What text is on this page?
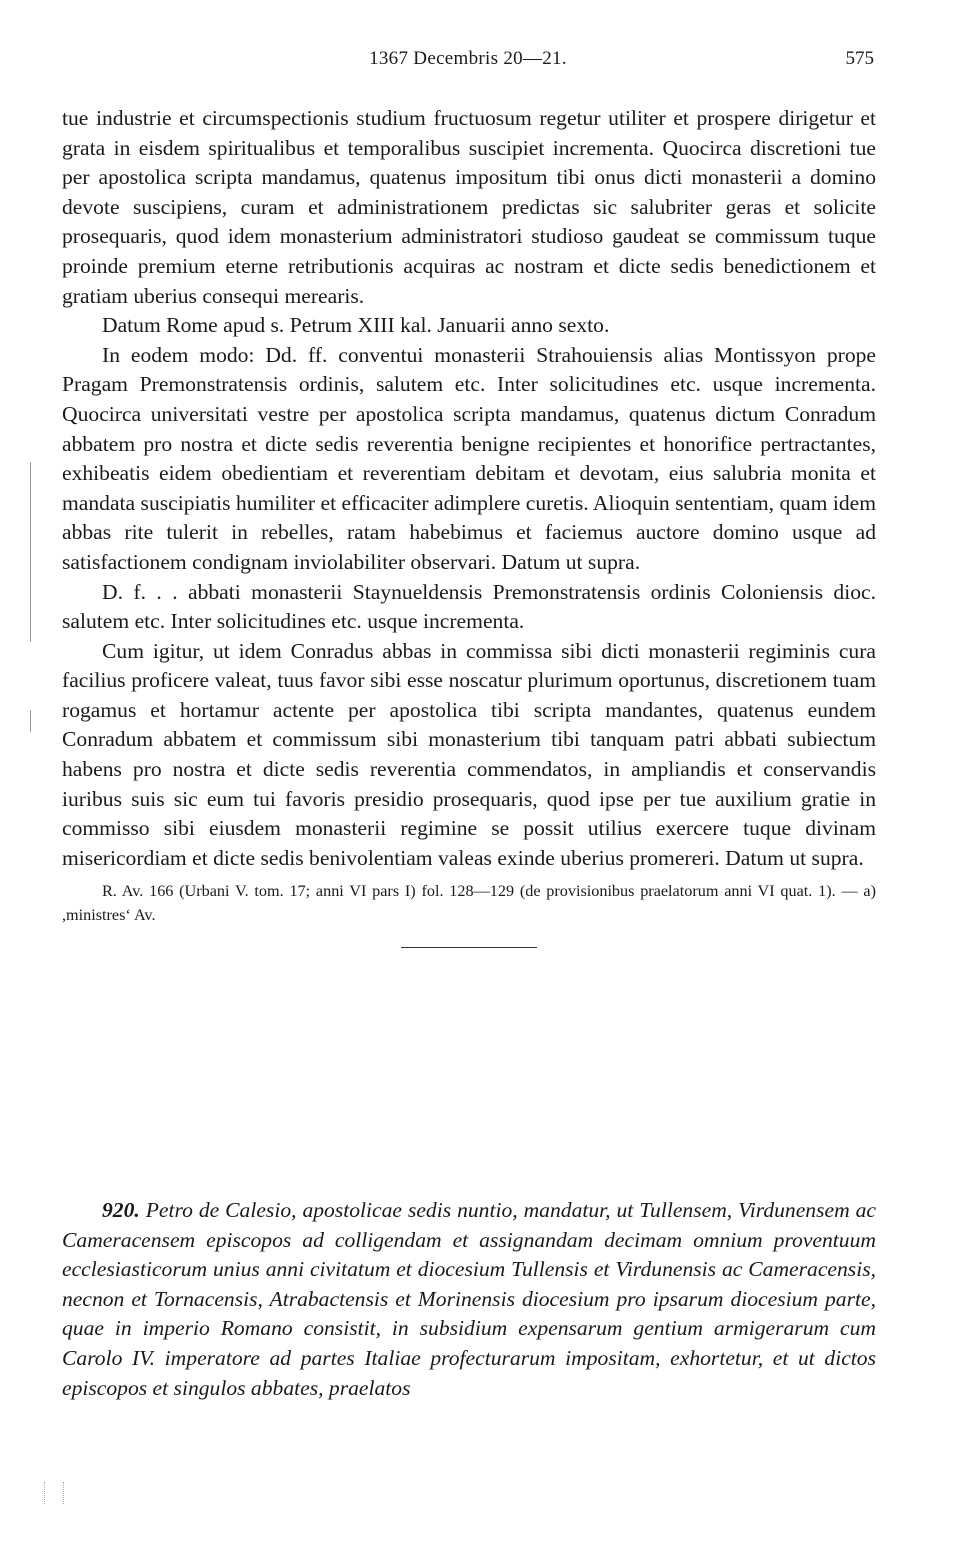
1367 Decembris 20—21.	575

tue industrie et circumspectionis studium fructuosum regetur utiliter et prospere dirigetur et grata in eisdem spiritualibus et temporalibus suscipiet incrementa. Quocirca discretioni tue per apostolica scripta mandamus, quatenus impositum tibi onus dicti monasterii a domino devote suscipiens, curam et administrationem predictas sic salubriter geras et solicite prosequaris, quod idem monasterium administratori studioso gaudeat se commissum tuque proinde premium eterne retributionis acquiras ac nostram et dicte sedis benedictionem et gratiam uberius consequi merearis.

Datum Rome apud s. Petrum XIII kal. Januarii anno sexto.

In eodem modo: Dd. ff. conventui monasterii Strahouiensis alias Montissyon prope Pragam Premonstratensis ordinis, salutem etc. Inter solicitudines etc. usque incrementa. Quocirca universitati vestre per apostolica scripta mandamus, quatenus dictum Conradum abbatem pro nostra et dicte sedis reverentia benigne recipientes et honorifice pertractantes, exhibeatis eidem obedientiam et reverentiam debitam et devotam, eius salubria monita et mandata suscipiatis humiliter et efficaciter adimplere curetis. Alioquin sententiam, quam idem abbas rite tulerit in rebelles, ratam habebimus et faciemus auctore domino usque ad satisfactionem condignam inviolabiliter observari. Datum ut supra.

D. f. . . abbati monasterii Staynueldensis Premonstratensis ordinis Coloniensis dioc. salutem etc. Inter solicitudines etc. usque incrementa.

Cum igitur, ut idem Conradus abbas in commissa sibi dicti monasterii regiminis cura facilius proficere valeat, tuus favor sibi esse noscatur plurimum oportunus, discretionem tuam rogamus et hortamur actente per apostolica tibi scripta mandantes, quatenus eundem Conradum abbatem et commissum sibi monasterium tibi tanquam patri abbati subiectum habens pro nostra et dicte sedis reverentia commendatos, in ampliandis et conservandis iuribus suis sic eum tui favoris presidio prosequaris, quod ipse per tue auxilium gratie in commisso sibi eiusdem monasterii regimine se possit utilius exercere tuque divinam misericordiam et dicte sedis benivolentiam valeas exinde uberius promereri. Datum ut supra.

R. Av. 166 (Urbani V. tom. 17; anni VI pars I) fol. 128—129 (de provisionibus praelatorum anni VI quat. 1). — a) ,ministres‘ Av.

920. Petro de Calesio, apostolicae sedis nuntio, mandatur, ut Tullensem, Virdunensem ac Cameracensem episcopos ad colligendam et assignandam decimam omnium proventuum ecclesiasticorum unius anni civitatum et diocesium Tullensis et Virdunensis ac Cameracensis, necnon et Tornacensis, Atrabactensis et Morinensis diocesium pro ipsarum diocesium parte, quae in imperio Romano consistit, in subsidium expensarum gentium armigerarum cum Carolo IV. imperatore ad partes Italiae profecturarum impositam, exhortetur, et ut dictos episcopos et singulos abbates, praelatos
